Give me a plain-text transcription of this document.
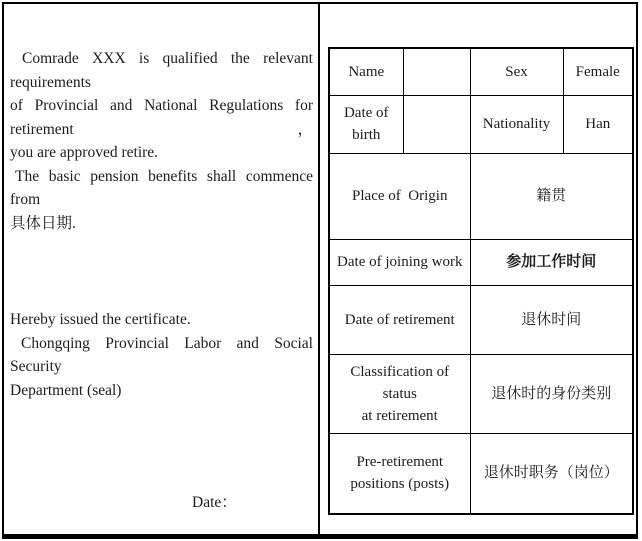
Comrade XXX is qualified the relevant requirements
of Provincial and National Regulations for retirement，
you are approved retire.

The basic pension benefits shall commence from
具体日期.

Hereby issued the certificate.

Chongqing Provincial Labor and Social Security
Department (seal)

Date：

Name		Sex	Female

Date of
birth		Nationality	Han

Place of  Origin		籍贯	

Date of joining work		参加工作时间	

Date of retirement		退休时间	

Classification of status
at retirement		退休时的身份类别	

Pre-retirement
positions (posts)		退休时职务（岗位）	
